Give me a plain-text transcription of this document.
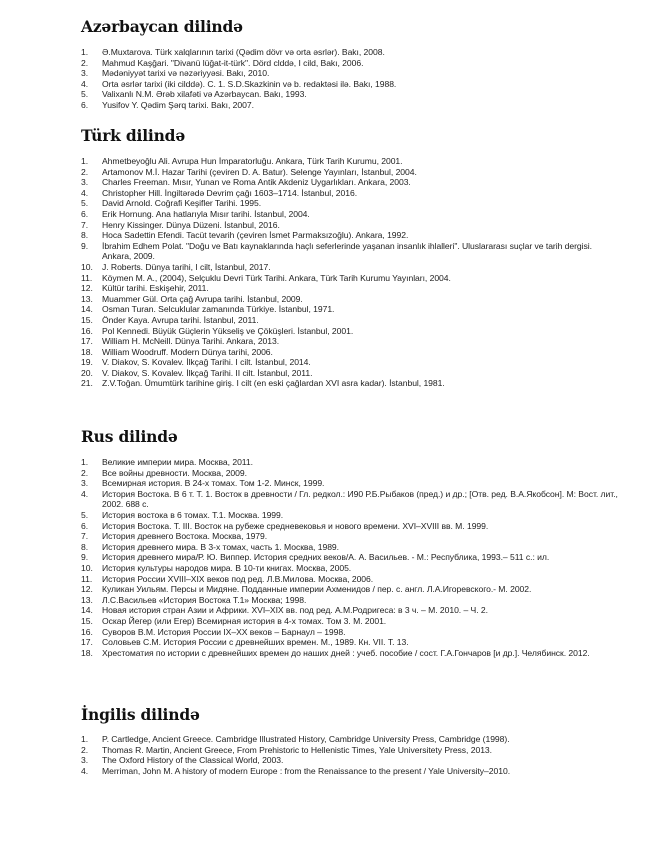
Azərbaycan dilində
1. Ə.Muxtarova. Türk xalqlarının tarixi (Qədim dövr və orta əsrlər). Bakı, 2008.
2. Mahmud Kaşğari. "Divanü lüğat-it-türk". Dörd clddə, I cild, Bakı, 2006.
3. Mədəniyyət tarixi və nəzəriyyəsi. Bakı, 2010.
4. Orta əsrlər tarixi (iki cilddə). C. 1. S.D.Skazkinin və b. redaktəsi ilə. Bakı, 1988.
5. Valixanlı N.M. Ərəb xilafəti və Azərbaycan. Bakı, 1993.
6. Yusifov Y. Qədim Şərq tarixi. Bakı, 2007.
Türk dilində
1. Ahmetbeyoğlu Ali. Avrupa Hun İmparatorluğu. Ankara, Türk Tarih Kurumu, 2001.
2. Artamonov M.İ. Hazar Tarihi (çeviren D. A. Batur). Selenge Yayınları, İstanbul, 2004.
3. Charles Freeman. Mısır, Yunan ve Roma Antik Akdeniz Uygarlıkları. Ankara, 2003.
4. Christopher Hill. İngiltərədə Devrim çağı 1603–1714. İstanbul, 2016.
5. David Arnold. Coğrafi Keşifler Tarihi. 1995.
6. Erik Hornung. Ana hatlarıyla Mısır tarihi. İstanbul, 2004.
7. Henry Kissinger. Dünya Düzeni. İstanbul, 2016.
8. Hoca Sadettin Efendi. Tacüt tevarih (çeviren İsmet Parmaksızoğlu). Ankara, 1992.
9. İbrahim Edhem Polat. "Doğu ve Batı kaynaklarında haçlı seferlerinde yaşanan insanlık ihlalleri". Uluslararası suçlar ve tarih dergisi. Ankara, 2009.
10. J. Roberts. Dünya tarihi, I cilt, İstanbul, 2017.
11. Köymen M. A., (2004), Selçuklu Devri Türk Tarihi. Ankara, Türk Tarih Kurumu Yayınları, 2004.
12. Kültür tarihi. Eskişehir, 2011.
13. Muammer Gül. Orta çağ Avrupa tarihi. İstanbul, 2009.
14. Osman Turan. Selcuklular zamanında Türkiye. İstanbul, 1971.
15. Önder Kaya. Avrupa tarihi. İstanbul, 2011.
16. Pol Kennedi. Büyük Güçlerin Yükseliş ve Çöküşleri. İstanbul, 2001.
17. William H. McNeill. Dünya Tarihi. Ankara, 2013.
18. William Woodruff. Modern Dünya tarihi, 2006.
19. V. Diakov, S. Kovalev. İlkçağ Tarihi. I cilt. İstanbul, 2014.
20. V. Diakov, S. Kovalev. İlkçağ Tarihi. II cilt. İstanbul, 2011.
21. Z.V.Toğan. Ümumtürk tarihine giriş. I cilt (en eski çağlardan XVI asra kadar). İstanbul, 1981.
Rus dilində
1. Великие империи мира. Москва, 2011.
2. Все войны древности. Москва, 2009.
3. Всемирная история. В 24-х томах. Том 1-2. Минск, 1999.
4. История Востока. В 6 т. Т. 1. Восток в древности / Гл. редкол.: И90 Р.Б.Рыбаков (пред.) и др.; [Отв. ред. В.А.Якобсон]. М: Вост. лит., 2002. 688 с.
5. История востока в 6 томах. Т.1. Москва. 1999.
6. История Востока. Т. III. Восток на рубеже средневековья и нового времени. XVI–XVIII вв. М. 1999.
7. История древнего Востока. Москва, 1979.
8. История древнего мира. В 3-х томах, часть 1. Москва, 1989.
9. История древнего мира/Р. Ю. Виппер. История средних веков/А. А. Васильев. - М.: Республика, 1993.– 511 с.: ил.
10. История культуры народов мира. В 10-ти книгах. Москва, 2005.
11. История России XVIII–XIX веков под ред. Л.В.Милова. Москва, 2006.
12. Куликан Уильям. Персы и Мидяне. Подданные империи Ахменидов / пер. с. англ. Л.А.Игоревского.- М. 2002.
13. Л.С.Васильев «История Востока Т.1» Москва; 1998.
14. Новая история стран Азии и Африки. XVI–XIX вв. под ред. А.М.Родригеса: в 3 ч. – М. 2010. – Ч. 2.
15. Оскар Йегер (или Егер) Всемирная история в 4-х томах. Том 3. М. 2001.
16. Суворов В.М. История России IX–XX веков – Барнаул – 1998.
17. Соловьев С.М. История России с древнейших времен. М., 1989. Кн. VII. Т. 13.
18. Хрестоматия по истории с древнейших времен до наших дней : учеб. пособие / сост. Г.А.Гончаров [и др.]. Челябинск. 2012.
İngilis dilində
1. P. Cartledge, Ancient Greece. Cambridge Illustrated History, Cambridge University Press, Cambridge (1998).
2. Thomas R. Martin, Ancient Greece, From Prehistoric to Hellenistic Times, Yale Universitety Press, 2013.
3. The Oxford History of the Classical World, 2003.
4. Merriman, John M. A history of modern Europe : from the Renaissance to the present / Yale University–2010.
